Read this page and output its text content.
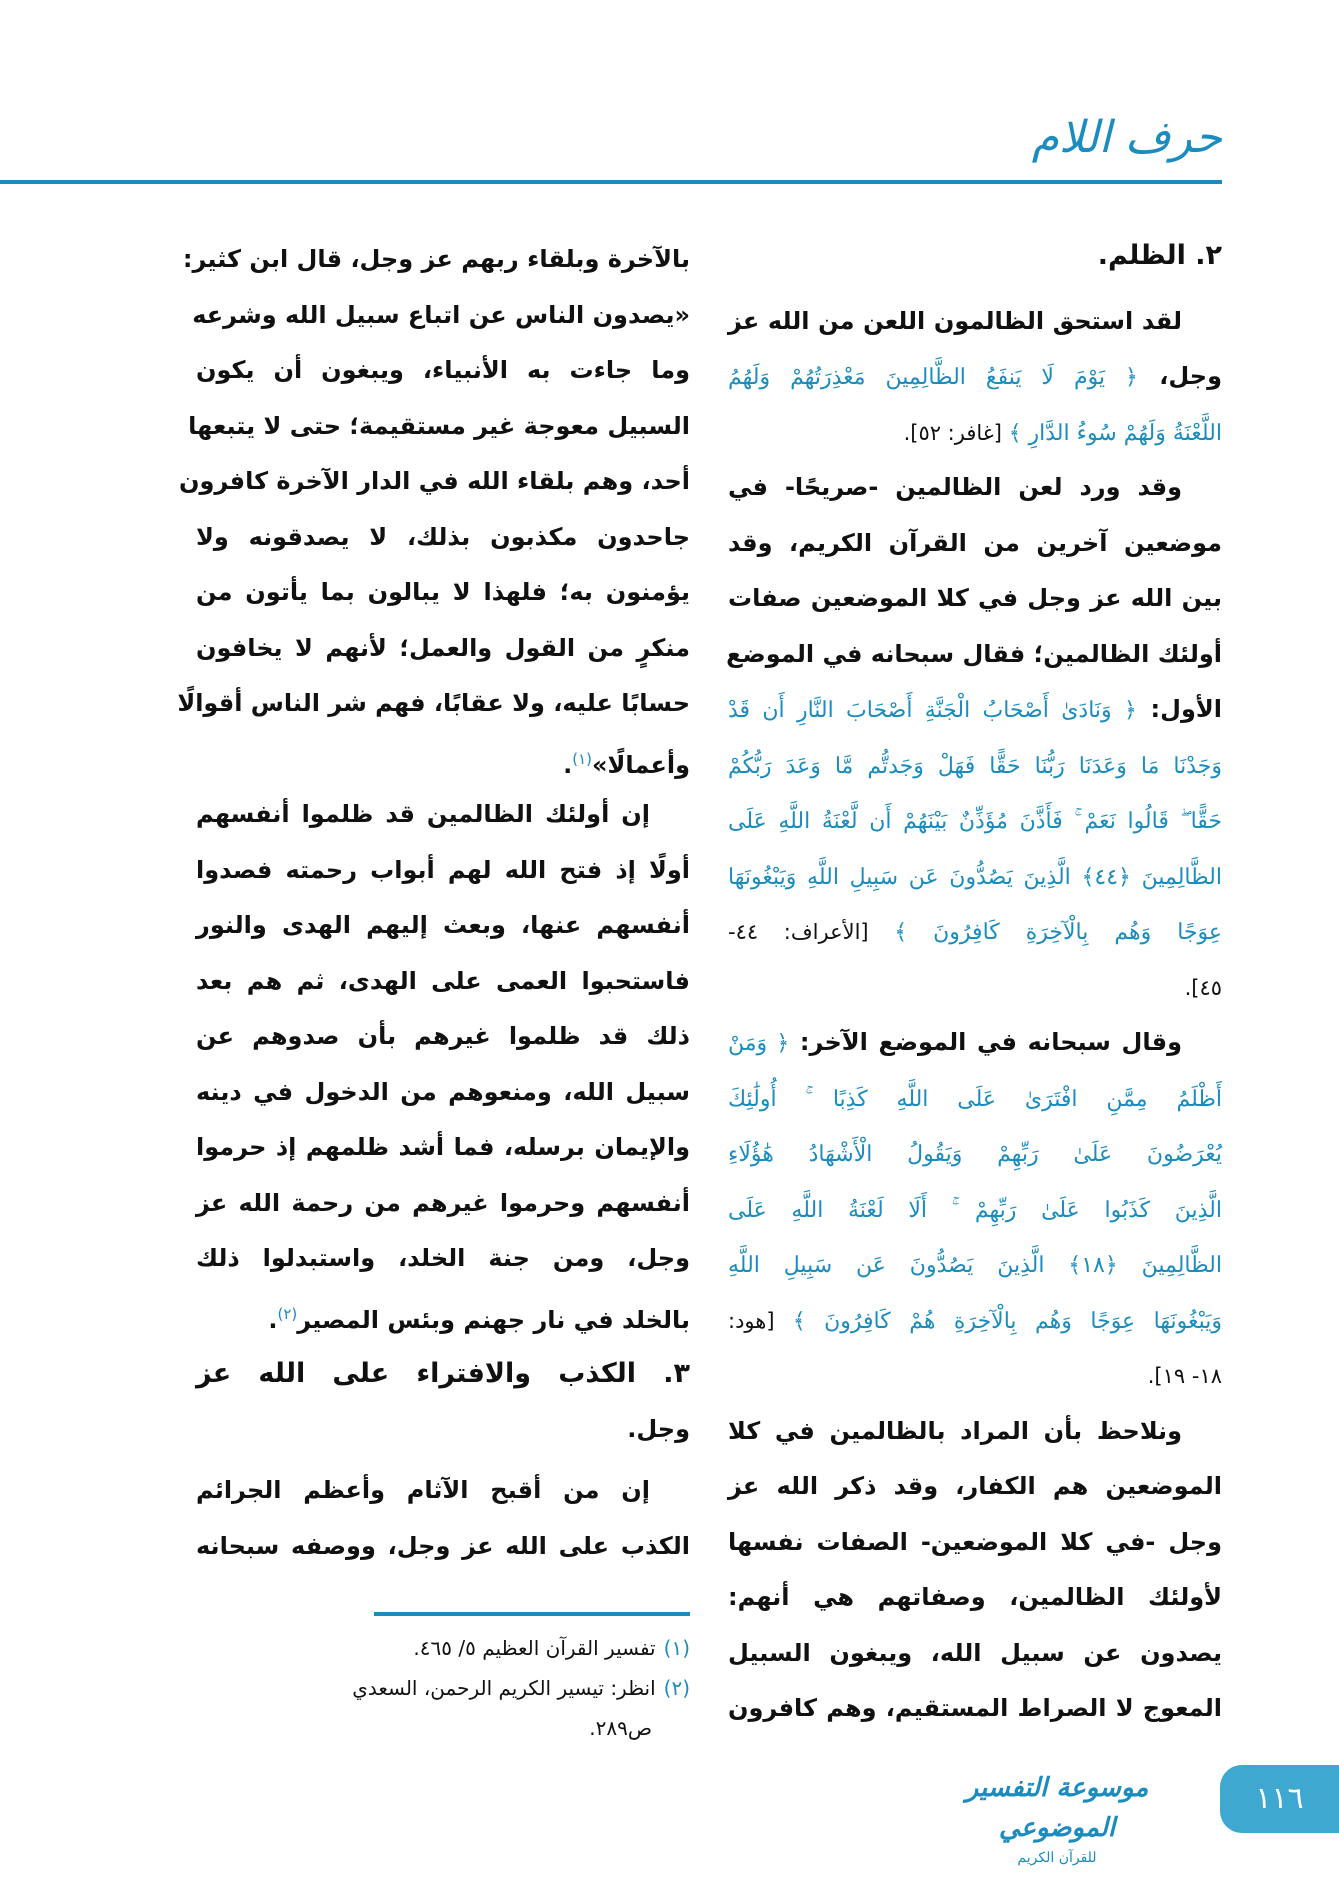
حرف اللام
٢. الظلم.
لقد استحق الظالمون اللعن من الله عز
وجل، ﴿ يَوْمَ لَا يَنفَعُ الظَّالِمِينَ مَعْذِرَتُهُمْ وَلَهُمُ
اللَّعْنَةُ وَلَهُمْ سُوءُ الدَّارِ ﴾ [غافر: ٥٢].
وقد ورد لعن الظالمين -صريحًا- في
موضعين آخرين من القرآن الكريم، وقد
بين الله عز وجل في كلا الموضعين صفات
أولئك الظالمين؛ فقال سبحانه في الموضع
الأول: ﴿ وَنَادَىٰ أَصْحَابُ الْجَنَّةِ أَصْحَابَ النَّارِ أَن قَدْ
وَجَدْنَا مَا وَعَدَنَا رَبُّنَا حَقًّا فَهَلْ وَجَدتُّم مَّا وَعَدَ رَبُّكُمْ
حَقًّا ۖ قَالُوا نَعَمْ ۚ فَأَذَّنَ مُؤَذِّنٌ بَيْنَهُمْ أَن لَّعْنَةُ اللَّهِ عَلَى
الظَّالِمِينَ ﴿٤٤﴾ الَّذِينَ يَصُدُّونَ عَن سَبِيلِ اللَّهِ وَيَبْغُونَهَا
عِوَجًا وَهُم بِالْآخِرَةِ كَافِرُونَ ﴾ [الأعراف: ٤٤-
٤٥].
وقال سبحانه في الموضع الآخر: ﴿ وَمَنْ
أَظْلَمُ مِمَّنِ افْتَرَىٰ عَلَى اللَّهِ كَذِبًا ۚ أُولَٰئِكَ
يُعْرَضُونَ عَلَىٰ رَبِّهِمْ وَيَقُولُ الْأَشْهَادُ هَٰؤُلَاءِ
الَّذِينَ كَذَبُوا عَلَىٰ رَبِّهِمْ ۚ أَلَا لَعْنَةُ اللَّهِ عَلَى
الظَّالِمِينَ ﴿١٨﴾ الَّذِينَ يَصُدُّونَ عَن سَبِيلِ اللَّهِ
وَيَبْغُونَهَا عِوَجًا وَهُم بِالْآخِرَةِ هُمْ كَافِرُونَ ﴾ [هود:
١٨- ١٩].
ونلاحظ بأن المراد بالظالمين في كلا
الموضعين هم الكفار، وقد ذكر الله عز
وجل -في كلا الموضعين- الصفات نفسها
لأولئك الظالمين، وصفاتهم هي أنهم:
يصدون عن سبيل الله، ويبغون السبيل
المعوج لا الصراط المستقيم، وهم كافرون
بالآخرة وبلقاء ربهم عز وجل، قال ابن كثير:
«يصدون الناس عن اتباع سبيل الله وشرعه
وما جاءت به الأنبياء، ويبغون أن يكون
السبيل معوجة غير مستقيمة؛ حتى لا يتبعها
أحد، وهم بلقاء الله في الدار الآخرة كافرون
جاحدون مكذبون بذلك، لا يصدقونه ولا
يؤمنون به؛ فلهذا لا يبالون بما يأتون من
منكرٍ من القول والعمل؛ لأنهم لا يخافون
حسابًا عليه، ولا عقابًا، فهم شر الناس أقوالًا
وأعمالًا»$^{(١)}$.
إن أولئك الظالمين قد ظلموا أنفسهم
أولًا إذ فتح الله لهم أبواب رحمته فصدوا
أنفسهم عنها، وبعث إليهم الهدى والنور
فاستحبوا العمى على الهدى، ثم هم بعد
ذلك قد ظلموا غيرهم بأن صدوهم عن
سبيل الله، ومنعوهم من الدخول في دينه
والإيمان برسله، فما أشد ظلمهم إذ حرموا
أنفسهم وحرموا غيرهم من رحمة الله عز
وجل، ومن جنة الخلد، واستبدلوا ذلك
بالخلد في نار جهنم وبئس المصير$^{(٢)}$.
٣. الكذب والافتراء على الله عز
وجل.
إن من أقبح الآثام وأعظم الجرائم
الكذب على الله عز وجل، ووصفه سبحانه
(١)تفسير القرآن العظيم ٥/ ٤٦٥.
(٢)انظر: تيسير الكريم الرحمن، السعدي
ص٢٨٩.
موسوعة التفسير الموضوعي
للقرآن الكريم
١١٦
